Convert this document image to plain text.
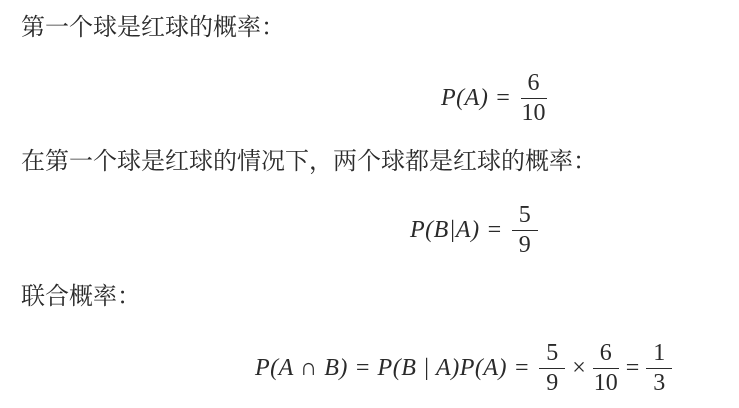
第一个球是红球的概率：
$P(A) = \frac{6}{10}$
在第一个球是红球的情况下，两个球都是红球的概率：
$P(B|A) = \frac{5}{9}$
联合概率：
P(A ∩ B) = P(B | $A)P(A) = \frac{5}{9} \times \frac{6}{10} = \frac{1}{3}$
